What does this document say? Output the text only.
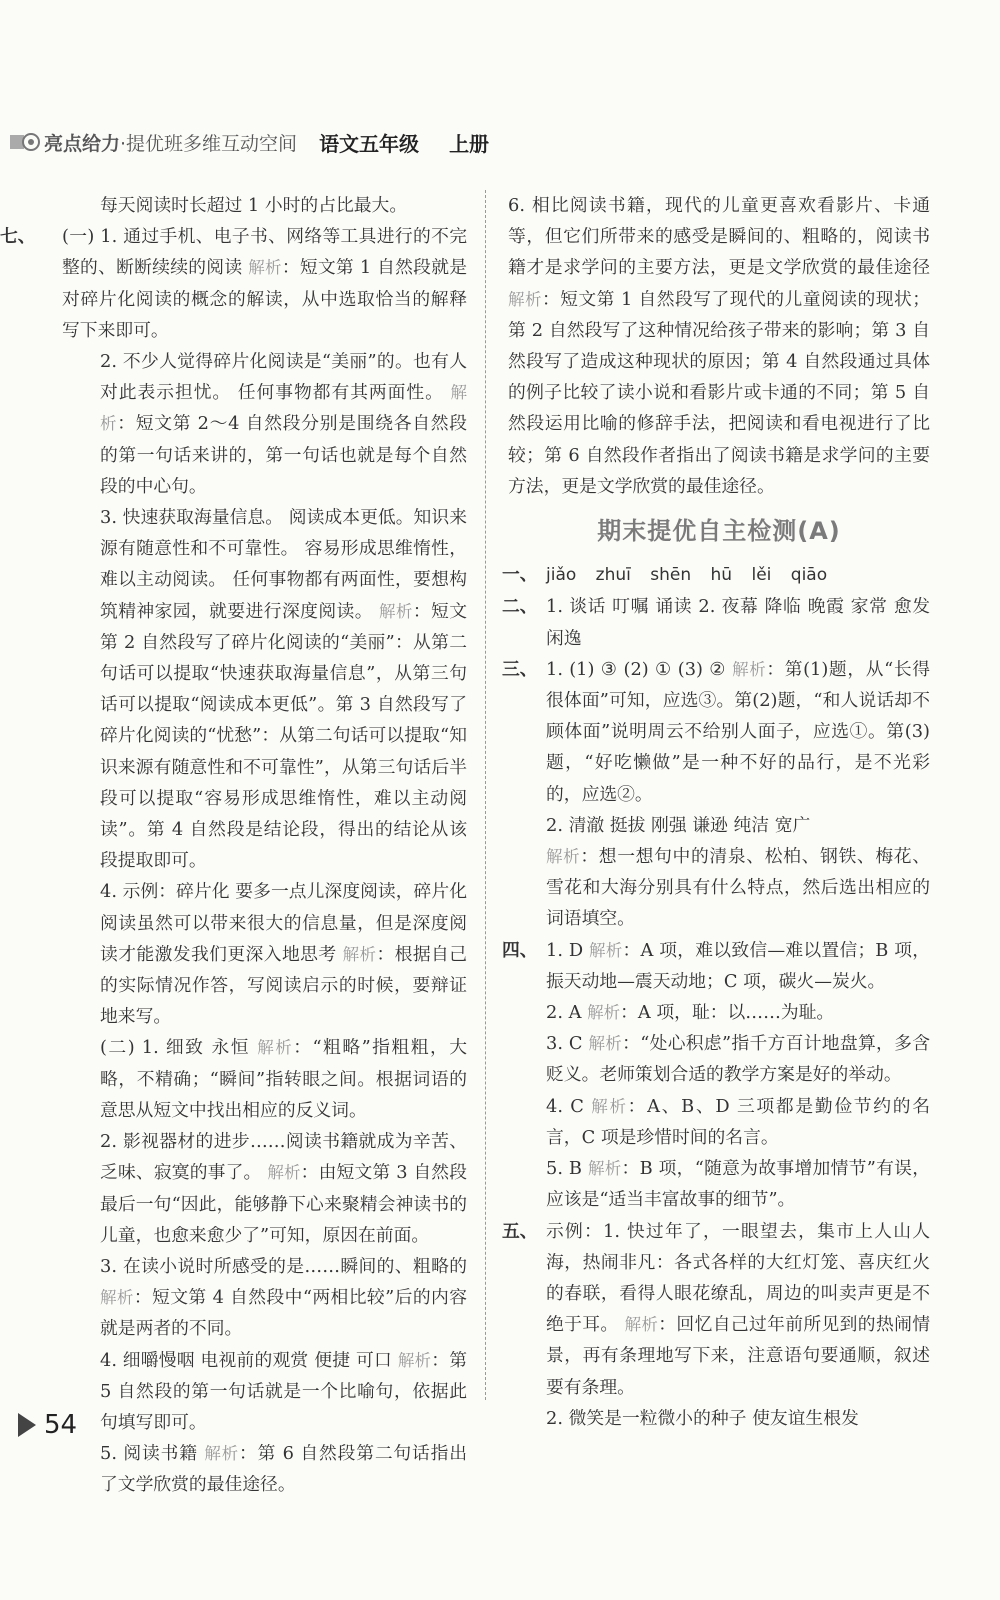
亮点给力 ·提优班多维互动空间 语文五年级 上册
每天阅读时长超过 1 小时的占比最大。
七、 (一) 1. 通过手机、电子书、网络等工具进行的不完整的、断断续续的阅读 解析：短文第 1 自然段就是对碎片化阅读的概念的解读，从中选取恰当的解释写下来即可。
2. 不少人觉得碎片化阅读是“美丽”的。也有人对此表示担忧。 任何事物都有其两面性。 解析：短文第 2～4 自然段分别是围绕各自然段的第一句话来讲的，第一句话也就是每个自然段的中心句。
3. 快速获取海量信息。 阅读成本更低。知识来源有随意性和不可靠性。 容易形成思维惰性，难以主动阅读。 任何事物都有两面性，要想构筑精神家园，就要进行深度阅读。 解析：短文第 2 自然段写了碎片化阅读的“美丽”：从第二句话可以提取“快速获取海量信息”，从第三句话可以提取“阅读成本更低”。第 3 自然段写了碎片化阅读的“忧愁”：从第二句话可以提取“知识来源有随意性和不可靠性”，从第三句话后半段可以提取“容易形成思维惰性，难以主动阅读”。第 4 自然段是结论段，得出的结论从该段提取即可。
4. 示例：碎片化 要多一点儿深度阅读，碎片化阅读虽然可以带来很大的信息量，但是深度阅读才能激发我们更深入地思考 解析：根据自己的实际情况作答，写阅读启示的时候，要辩证地来写。
(二) 1. 细致 永恒 解析：“粗略”指粗粗，大略，不精确；“瞬间”指转眼之间。根据词语的意思从短文中找出相应的反义词。
2. 影视器材的进步……阅读书籍就成为辛苦、乏味、寂寞的事了。 解析：由短文第 3 自然段最后一句“因此，能够静下心来聚精会神读书的儿童，也愈来愈少了”可知，原因在前面。
3. 在读小说时所感受的是……瞬间的、粗略的 解析：短文第 4 自然段中“两相比较”后的内容就是两者的不同。
4. 细嚼慢咽 电视前的观赏 便捷 可口 解析：第 5 自然段的第一句话就是一个比喻句，依据此句填写即可。
5. 阅读书籍 解析：第 6 自然段第二句话指出了文学欣赏的最佳途径。
6. 相比阅读书籍，现代的儿童更喜欢看影片、卡通等，但它们所带来的感受是瞬间的、粗略的，阅读书籍才是求学问的主要方法，更是文学欣赏的最佳途径 解析：短文第 1 自然段写了现代的儿童阅读的现状；第 2 自然段写了这种情况给孩子带来的影响；第 3 自然段写了造成这种现状的原因；第 4 自然段通过具体的例子比较了读小说和看影片或卡通的不同；第 5 自然段运用比喻的修辞手法，把阅读和看电视进行了比较；第 6 自然段作者指出了阅读书籍是求学问的主要方法，更是文学欣赏的最佳途径。
期末提优自主检测(A)
一、 jiǎo zhuī shēn hū lěi qiāo
二、 1. 谈话 叮嘱 诵读 2. 夜幕 降临 晚霞 家常 愈发 闲逸
三、 1. (1) ③ (2) ① (3) ② 解析：第(1)题，从“长得很体面”可知，应选③。第(2)题，“和人说话却不顾体面”说明周云不给别人面子，应选①。第(3)题，“好吃懒做”是一种不好的品行，是不光彩的，应选②。
2. 清澈 挺拔 刚强 谦逊 纯洁 宽广
解析：想一想句中的清泉、松柏、钢铁、梅花、雪花和大海分别具有什么特点，然后选出相应的词语填空。
四、 1. D 解析：A 项，难以致信—难以置信；B 项，振天动地—震天动地；C 项，碳火—炭火。
2. A 解析：A 项，耻：以……为耻。
3. C 解析：“处心积虑”指千方百计地盘算，多含贬义。老师策划合适的教学方案是好的举动。
4. C 解析：A、B、D 三项都是勤俭节约的名言，C 项是珍惜时间的名言。
5. B 解析：B 项，“随意为故事增加情节”有误，应该是“适当丰富故事的细节”。
五、 示例：1. 快过年了，一眼望去，集市上人山人海，热闹非凡：各式各样的大红灯笼、喜庆红火的春联，看得人眼花缭乱，周边的叫卖声更是不绝于耳。 解析：回忆自己过年前所见到的热闹情景，再有条理地写下来，注意语句要通顺，叙述要有条理。
2. 微笑是一粒微小的种子 使友谊生根发
54
